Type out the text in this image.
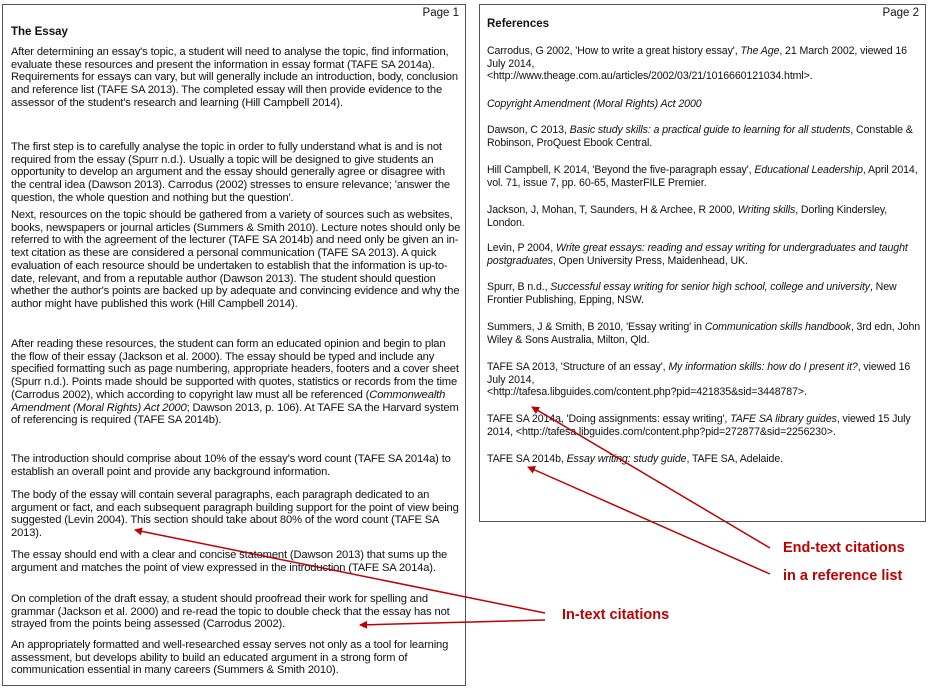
Page 1
The Essay

After determining an essay's topic, a student will need to analyse the topic, find information, evaluate these resources and present the information in essay format (TAFE SA 2014a). Requirements for essays can vary, but will generally include an introduction, body, conclusion and reference list (TAFE SA 2013). The completed essay will then provide evidence to the assessor of the student's research and learning (Hill Campbell 2014).

The first step is to carefully analyse the topic in order to fully understand what is and is not required from the essay (Spurr n.d.). Usually a topic will be designed to give students an opportunity to develop an argument and the essay should generally agree or disagree with the central idea (Dawson 2013). Carrodus (2002) stresses to ensure relevance; 'answer the question, the whole question and nothing but the question'.

Next, resources on the topic should be gathered from a variety of sources such as websites, books, newspapers or journal articles (Summers & Smith 2010). Lecture notes should only be referred to with the agreement of the lecturer (TAFE SA 2014b) and need only be given an in-text citation as these are considered a personal communication (TAFE SA 2013). A quick evaluation of each resource should be undertaken to establish that the information is up-to-date, relevant, and from a reputable author (Dawson 2013). The student should question whether the author's points are backed up by adequate and convincing evidence and why the author might have published this work (Hill Campbell 2014).

After reading these resources, the student can form an educated opinion and begin to plan the flow of their essay (Jackson et al. 2000). The essay should be typed and include any specified formatting such as page numbering, appropriate headers, footers and a cover sheet (Spurr n.d.). Points made should be supported with quotes, statistics or records from the time (Carrodus 2002), which according to copyright law must all be referenced (Commonwealth Amendment (Moral Rights) Act 2000; Dawson 2013, p. 106). At TAFE SA the Harvard system of referencing is required (TAFE SA 2014b).

The introduction should comprise about 10% of the essay's word count (TAFE SA 2014a) to establish an overall point and provide any background information.

The body of the essay will contain several paragraphs, each paragraph dedicated to an argument or fact, and each subsequent paragraph building support for the point of view being suggested (Levin 2004). This section should take about 80% of the word count (TAFE SA 2013).

The essay should end with a clear and concise statement (Dawson 2013) that sums up the argument and matches the point of view expressed in the introduction (TAFE SA 2014a).

On completion of the draft essay, a student should proofread their work for spelling and grammar (Jackson et al. 2000) and re-read the topic to double check that the essay has not strayed from the points being assessed (Carrodus 2002).

An appropriately formatted and well-researched essay serves not only as a tool for learning assessment, but develops ability to build an educated argument in a strong form of communication essential in many careers (Summers & Smith 2010).

Page 2
References

Carrodus, G 2002, 'How to write a great history essay', The Age, 21 March 2002, viewed 16 July 2014,
<http://www.theage.com.au/articles/2002/03/21/1016660121034.html>.

Copyright Amendment (Moral Rights) Act 2000

Dawson, C 2013, Basic study skills: a practical guide to learning for all students, Constable & Robinson, ProQuest Ebook Central.

Hill Campbell, K 2014, 'Beyond the five-paragraph essay', Educational Leadership, April 2014, vol. 71, issue 7, pp. 60-65, MasterFILE Premier.

Jackson, J, Mohan, T, Saunders, H & Archee, R 2000, Writing skills, Dorling Kindersley, London.

Levin, P 2004, Write great essays: reading and essay writing for undergraduates and taught postgraduates, Open University Press, Maidenhead, UK.

Spurr, B n.d., Successful essay writing for senior high school, college and university, New Frontier Publishing, Epping, NSW.

Summers, J & Smith, B 2010, 'Essay writing' in Communication skills handbook, 3rd edn, John Wiley & Sons Australia, Milton, Qld.

TAFE SA 2013, 'Structure of an essay', My information skills: how do I present it?, viewed 16 July 2014,
<http://tafesa.libguides.com/content.php?pid=421835&sid=3448787>.

TAFE SA 2014a, 'Doing assignments: essay writing', TAFE SA library guides, viewed 15 July 2014, <http://tafesa.libguides.com/content.php?pid=272877&sid=2256230>.

TAFE SA 2014b, Essay writing: study guide, TAFE SA, Adelaide.

End-text citations
in a reference list
In-text citations
